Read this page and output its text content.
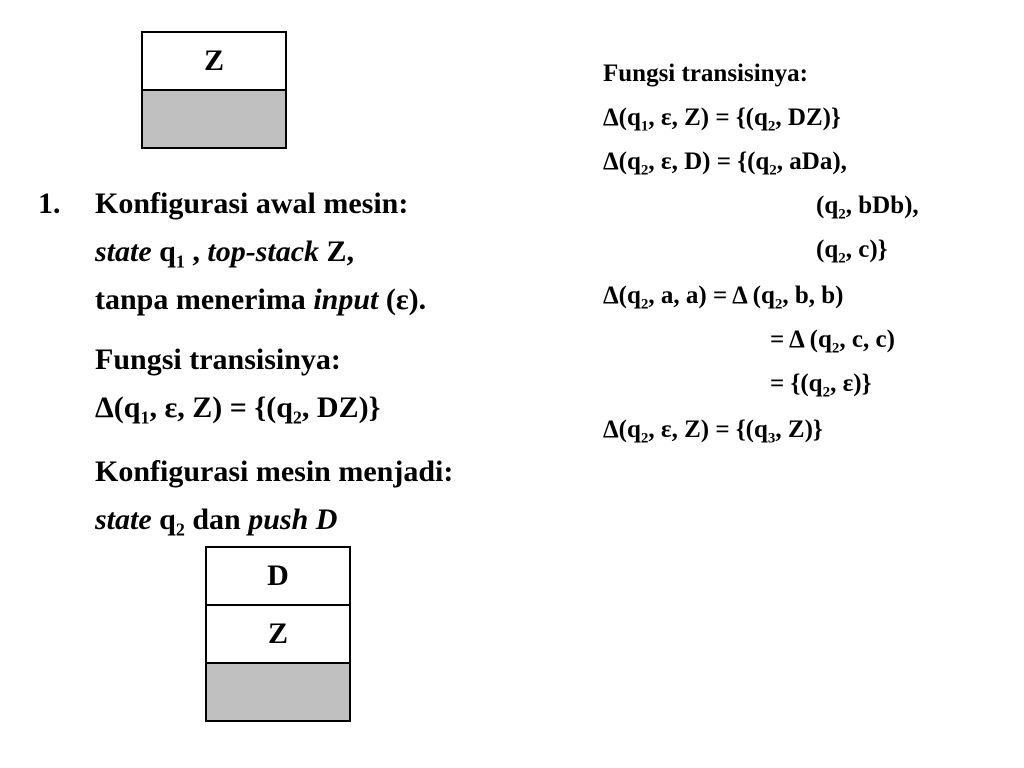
Z
D
Z
1. Konfigurasi awal mesin:
state $q_1$ , top-stack Z,
tanpa menerima input (ε).
Fungsi transisinya:
$\Delta(q_1$, ε, $Z) = \{(q_2$, DZ)}
Konfigurasi mesin menjadi:
state $q_2$ dan push D
Fungsi transisinya:
$\Delta(q_1$, ε, $Z) = \{(q_2$, DZ)}
$\Delta(q_2$, ε, $D) = \{(q_2$, aDa),
($q_2$, bDb),
($q_2$, c)}
$\Delta(q_2$, a, a) = Δ ($q_2$, b, b)
= Δ ($q_2$, c, c)
= {($q_2$, ε)}
$\Delta(q_2$, ε, $Z) = \{(q_3$, Z)}
